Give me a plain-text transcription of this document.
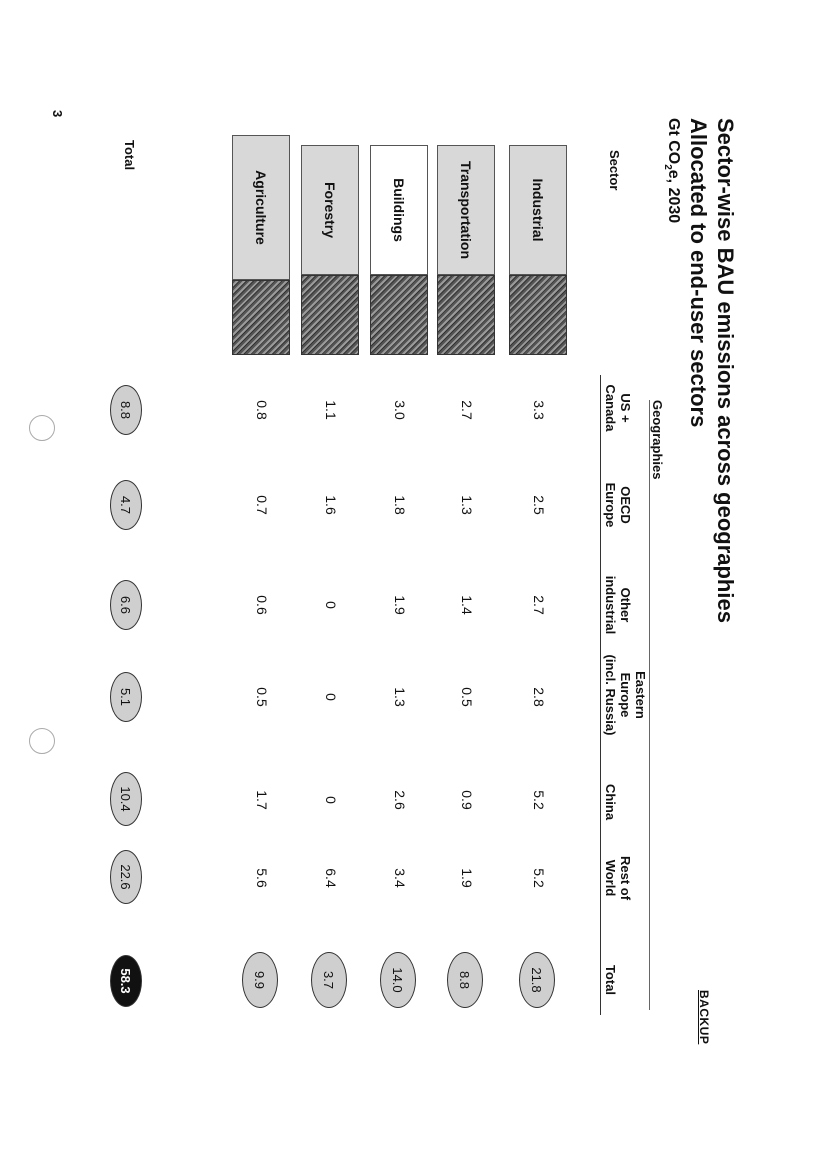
Sector-wise BAU emissions across geographies
Allocated to end-user sectors
Gt $CO_2e$, 2030
BACKUP
Geographies
Sector
US +
Canada
OECD
Europe
Other
industrial
Eastern
Europe
(incl. Russia)
China
Rest of
World
Total
Industrial
3.3
2.5
2.7
2.8
5.2
5.2
21.8
Transportation
2.7
1.3
1.4
0.5
0.9
1.9
8.8
Buildings
3.0
1.8
1.9
1.3
2.6
3.4
14.0
Forestry
1.1
1.6
0
0
0
6.4
3.7
Agriculture
0.8
0.7
0.6
0.5
1.7
5.6
9.9
Total
8.8
4.7
6.6
5.1
10.4
22.6
58.3
3
